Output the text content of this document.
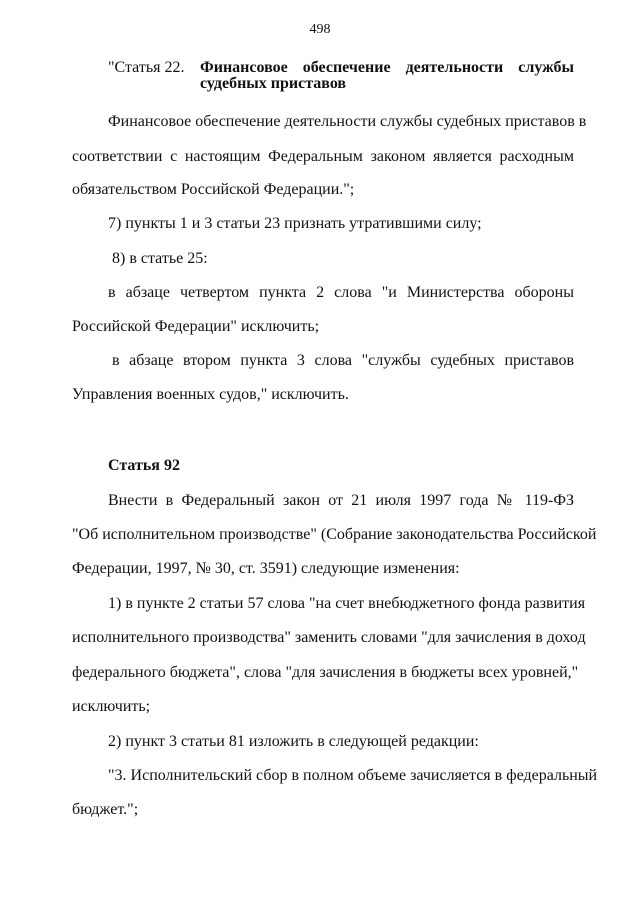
498
"Статья 22. Финансовое обеспечение деятельности службы
судебных приставов
Финансовое обеспечение деятельности службы судебных приставов в
соответствии с настоящим Федеральным законом является расходным
обязательством Российской Федерации.";
7) пункты 1 и 3 статьи 23 признать утратившими силу;
8) в статье 25:
в абзаце четвертом пункта 2 слова "и Министерства обороны
Российской Федерации" исключить;
в абзаце втором пункта 3 слова "службы судебных приставов
Управления военных судов," исключить.
Статья 92
Внести в Федеральный закон от 21 июля 1997 года № 119-ФЗ
"Об исполнительном производстве" (Собрание законодательства Российской
Федерации, 1997, № 30, ст. 3591) следующие изменения:
1) в пункте 2 статьи 57 слова "на счет внебюджетного фонда развития
исполнительного производства" заменить словами "для зачисления в доход
федерального бюджета", слова "для зачисления в бюджеты всех уровней,"
исключить;
2) пункт 3 статьи 81 изложить в следующей редакции:
"3. Исполнительский сбор в полном объеме зачисляется в федеральный
бюджет.";
